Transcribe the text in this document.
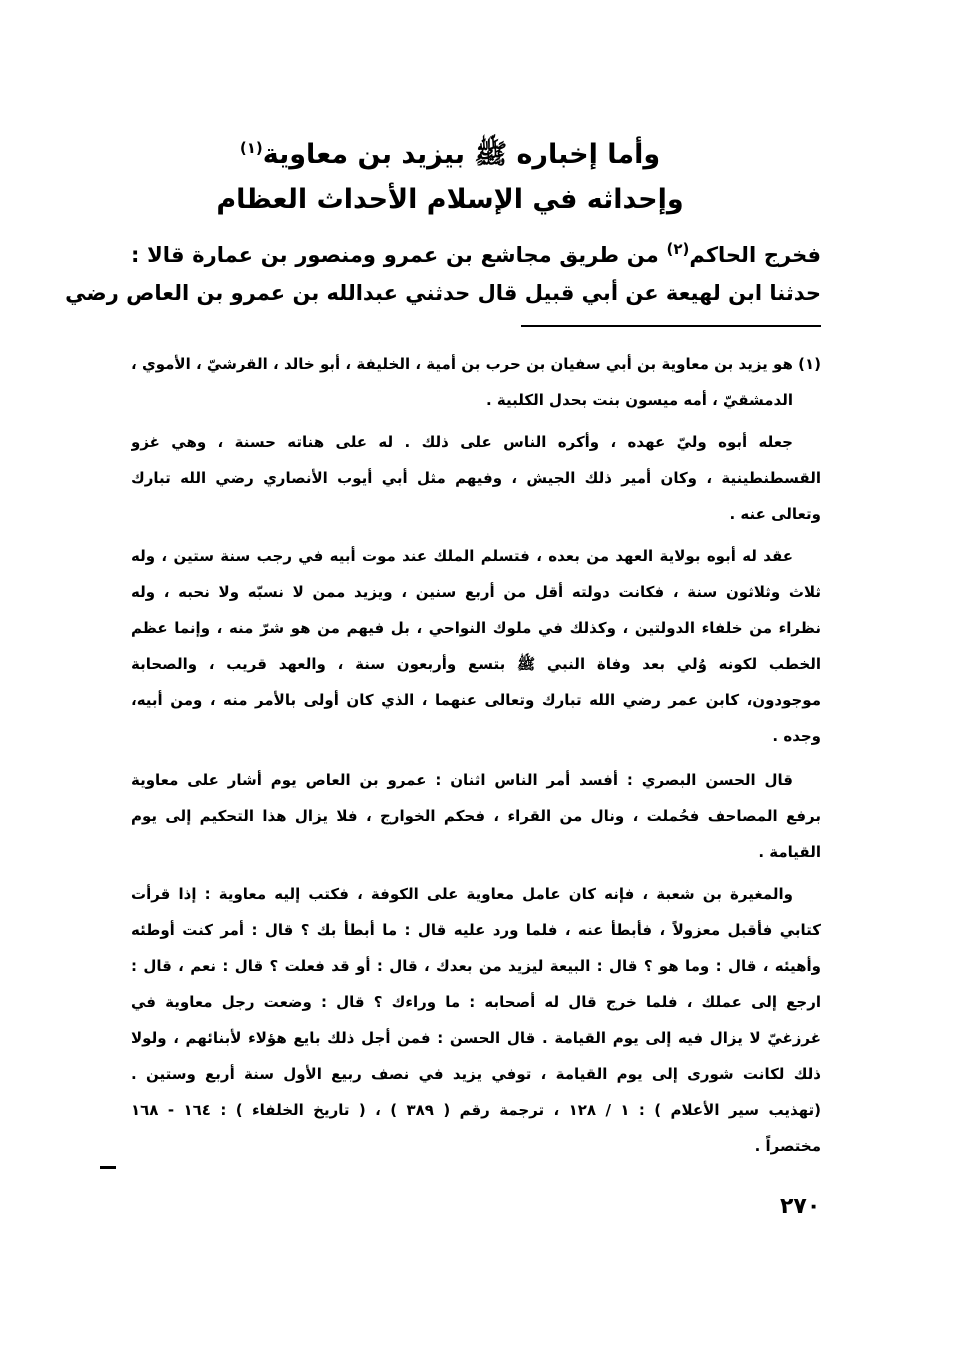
وأما إخباره ﷺ بيزيد بن معاوية$^{(١)}$
وإحداثه في الإسلام الأحداث العظام
فخرج الحاكم$^{(٢)}$ من طريق مجاشع بن عمرو ومنصور بن عمارة قالا :
حدثنا ابن لهيعة عن أبي قبيل قال حدثني عبدالله بن عمرو بن العاص رضي
(١) هو يزيد بن معاوية بن أبي سفيان بن حرب بن أمية ، الخليفة ، أبو خالد ، القرشيّ ، الأموي ،
الدمشقيّ ، أمه ميسون بنت بحدل الكلبية .
جعله أبوه وليّ عهده ، وأكره الناس على ذلك . له على هناته حسنة ، وهي غزو
القسطنطينية ، وكان أمير ذلك الجيش ، وفيهم مثل أبي أيوب الأنصاري رضي الله تبارك
وتعالى عنه .
عقد له أبوه بولاية العهد من بعده ، فتسلم الملك عند موت أبيه في رجب سنة ستين ، وله
ثلاث وثلاثون سنة ، فكانت دولته أقل من أربع سنين ، ويزيد ممن لا نسبّه ولا نحبه ، وله
نظراء من خلفاء الدولتين ، وكذلك في ملوك النواحي ، بل فيهم من هو شرّ منه ، وإنما عظم
الخطب لكونه وُلي بعد وفاة النبي ﷺ بتسع وأربعون سنة ، والعهد قريب ، والصحابة
موجودون، كابن عمر رضي الله تبارك وتعالى عنهما ، الذي كان أولى بالأمر منه ، ومن أبيه،
وجده .
قال الحسن البصري : أفسد أمر الناس اثنان : عمرو بن العاص يوم أشار على معاوية
برفع المصاحف فحُملت ، ونال من القراء ، فحكم الخوارج ، فلا يزال هذا التحكيم إلى يوم
القيامة .
والمغيرة بن شعبة ، فإنه كان عامل معاوية على الكوفة ، فكتب إليه معاوية : إذا قرأت
كتابي فأقبل معزولاً ، فأبطأ عنه ، فلما ورد عليه قال : ما أبطأ بك ؟ قال : أمر كنت أوطئه
وأهيئه ، قال : وما هو ؟ قال : البيعة ليزيد من بعدك ، قال : أو قد فعلت ؟ قال : نعم ، قال :
ارجع إلى عملك ، فلما خرج قال له أصحابه : ما وراءك ؟ قال : وضعت رجل معاوية في
غرزغيّ لا يزال فيه إلى يوم القيامة . قال الحسن : فمن أجل ذلك بايع هؤلاء لأبنائهم ، ولولا
ذلك لكانت شورى إلى يوم القيامة ، توفي يزيد في نصف ربيع الأول سنة أربع وستين .
(تهذيب سير الأعلام ) : ١ / ١٢٨ ، ترجمة رقم ( ٣٨٩ ) ، ( تاريخ الخلفاء ) : ١٦٤ - ١٦٨
مختصراً .
٢٧٠
